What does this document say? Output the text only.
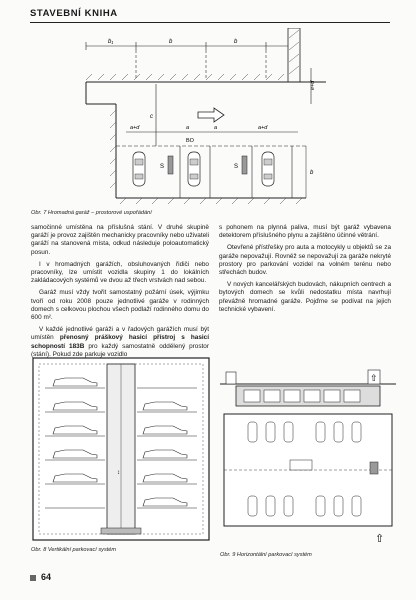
STAVEBNÍ KNIHA
b₁	b	b
e+d
c
a+d	a	a	a+d
BO
S	S
b
Obr. 7 Hromadná garáž – prostorové uspořádání

samočinné umístěna na příslušná stání. V druhé skupině garáží je provoz zajištěn mechanicky pracovníky nebo uživateli garáží na stanovená místa, odkud následuje poloautomatický posun.

I v hromadných garážích, obsluhovaných řidiči nebo pracovníky, lze umístit vozidla skupiny 1 do lokálních zakládacových systémů ve dvou až třech vrstvách nad sebou.

Garáž musí vždy tvořit samostatný požární úsek, výjimku tvoří od roku 2008 pouze jednotlivé garáže v rodinných domech s celkovou plochou všech podlaží rodinného domu do 600 m².

V každé jednotlivé garáži a v řadových garážích musí být umístěn přenosný práškový hasicí přístroj s hasicí schopností 183B pro každý samostatně oddělený prostor (stání). Pokud zde parkuje vozidlo

s pohonem na plynná paliva, musí být garáž vybavena detektorem příslušného plynu a zajištěno účinné větrání.

Otevřené přístřešky pro auta a motocykly u objektů se za garáže nepovažují. Rovněž se nepovažují za garáže nekryté prostory pro parkování vozidel na volném terénu nebo střechách budov.

V nových kancelářských budovách, nákupních centrech a bytových domech se kvůli nedostatku místa navrhují převážně hromadné garáže. Pojďme se podívat na jejich technické vybavení.

↕
Obr. 8 Vertikální parkovací systém
⇧
⇧
Obr. 9 Horizontální parkovací systém
64
